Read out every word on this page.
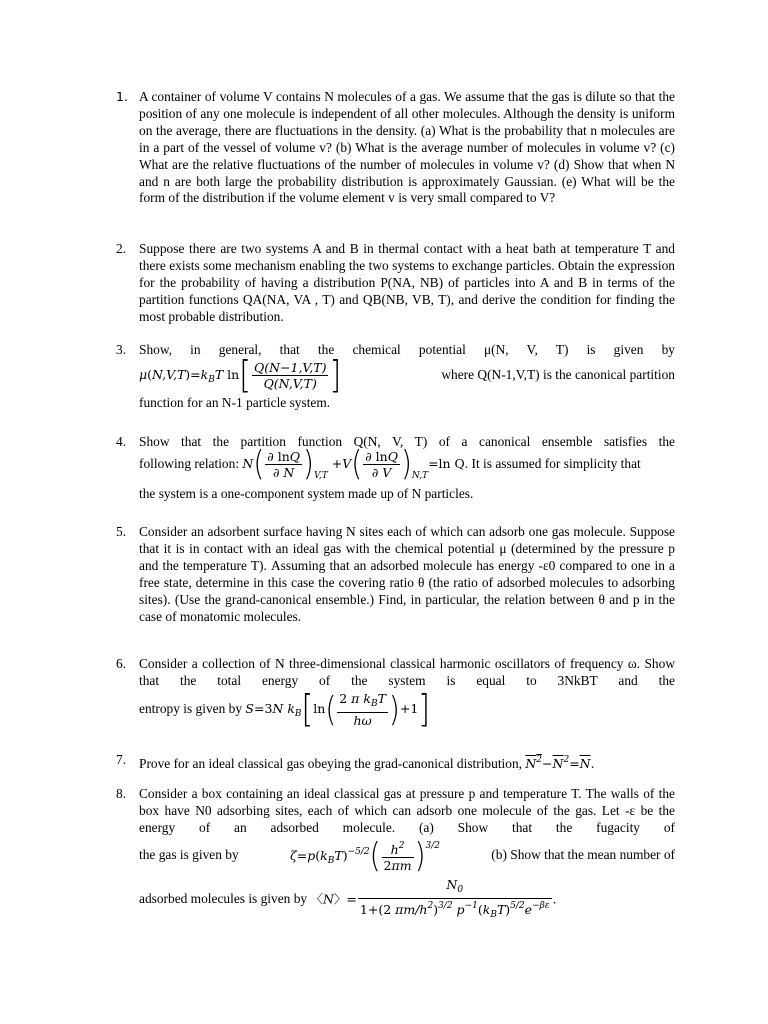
1. A container of volume V contains N molecules of a gas. We assume that the gas is dilute so that the position of any one molecule is independent of all other molecules. Although the density is uniform on the average, there are fluctuations in the density. (a) What is the probability that n molecules are in a part of the vessel of volume v? (b) What is the average number of molecules in volume v? (c) What are the relative fluctuations of the number of molecules in volume v? (d) Show that when N and n are both large the probability distribution is approximately Gaussian. (e) What will be the form of the distribution if the volume element v is very small compared to V?
2. Suppose there are two systems A and B in thermal contact with a heat bath at temperature T and there exists some mechanism enabling the two systems to exchange particles. Obtain the expression for the probability of having a distribution P(NA, NB) of particles into A and B in terms of the partition functions QA(NA, VA , T) and QB(NB, VB, T), and derive the condition for finding the most probable distribution.
3. Show, in general, that the chemical potential μ(N, V, T) is given by
$\mu(N,V,T)=k_BT$ $\ln[ \frac{Q(N-1,V,T)}{Q(N,V,T)}$ ]	where Q(N-1,V,T) is the canonical partition
function for an N-1 particle system.
4. Show that the partition function Q(N, V, T) of a canonical ensemble satisfies the
following relation: $N( \frac{\partial \ln Q}{\partial N} )_{V,T} +V( \frac{\partial \ln Q}{\partial V} )_{N,T}=\ln$ Q. It is assumed for simplicity that
the system is a one-component system made up of N particles.
5. Consider an adsorbent surface having N sites each of which can adsorb one gas molecule. Suppose that it is in contact with an ideal gas with the chemical potential μ (determined by the pressure p and the temperature T). Assuming that an adsorbed molecule has energy -ε0 compared to one in a free state, determine in this case the covering ratio θ (the ratio of adsorbed molecules to adsorbing sites). (Use the grand-canonical ensemble.) Find, in particular, the relation between θ and p in the case of monatomic molecules.
6. Consider a collection of N three-dimensional classical harmonic oscillators of frequency ω. Show that the total energy of the system is equal to 3NkBT and the
entropy is given by
S=3N $k_B[\ln( \frac{2 \pi k_BT}{h\omega} )+1]$
7. Prove for an ideal classical gas obeying the grad-canonical distribution, $N^2-\overline{N}^2=\overline{N}$.
8. Consider a box containing an ideal classical gas at pressure p and temperature T. The walls of the box have N0 adsorbing sites, each of which can adsorb one molecule of the gas. Let -ε be the energy of an adsorbed molecule. (a) Show that the fugacity of
the gas is given by	$\zeta=p(k_BT)^{-5/2}( \frac{h^2}{2\pi m} )^{3/2}$
(b) Show that the mean number of
adsorbed molecules is given by
〈N〉= $\frac{N_0}{1+(2 \pi m/h^2)^{3/2} p^{-1}(k_BT)^{5/2}e^{-\beta\varepsilon}}$ .
